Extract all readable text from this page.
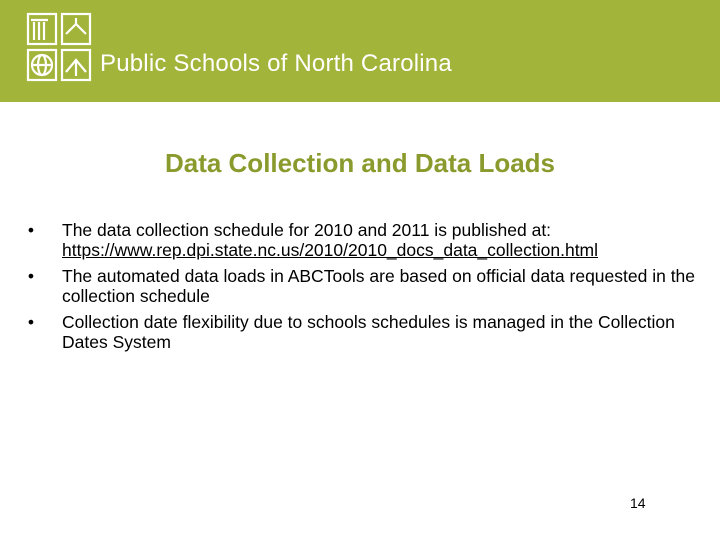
Public Schools of North Carolina
Data Collection and Data Loads
• The data collection schedule for 2010 and 2011 is published at:
https://www.rep.dpi.state.nc.us/2010/2010_docs_data_collection.html
• The automated data loads in ABCTools are based on official data requested in the collection schedule
• Collection date flexibility due to schools schedules is managed in the Collection Dates System
14
